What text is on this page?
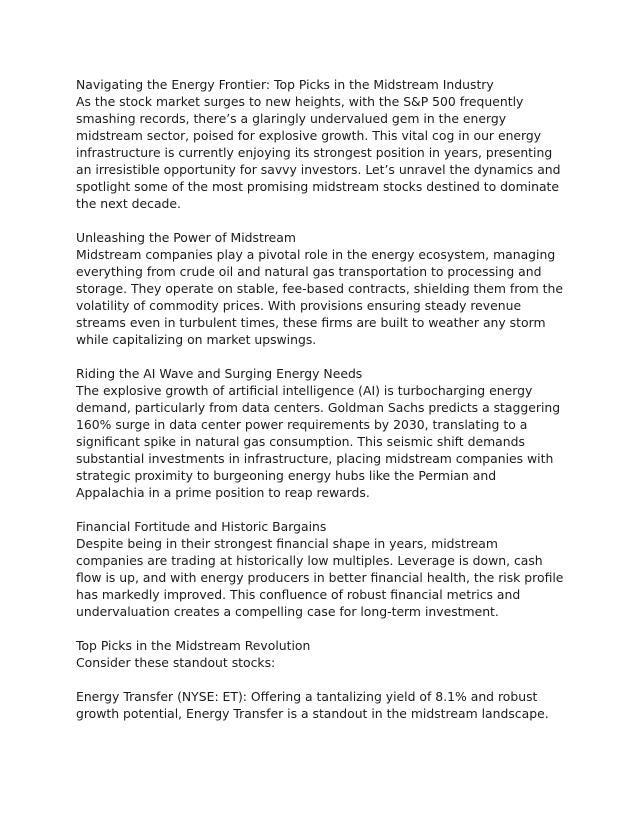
Navigating the Energy Frontier: Top Picks in the Midstream Industry

As the stock market surges to new heights, with the S&P 500 frequently smashing records, there’s a glaringly undervalued gem in the energy midstream sector, poised for explosive growth. This vital cog in our energy infrastructure is currently enjoying its strongest position in years, presenting an irresistible opportunity for savvy investors. Let’s unravel the dynamics and spotlight some of the most promising midstream stocks destined to dominate the next decade.

Unleashing the Power of Midstream

Midstream companies play a pivotal role in the energy ecosystem, managing everything from crude oil and natural gas transportation to processing and storage. They operate on stable, fee-based contracts, shielding them from the volatility of commodity prices. With provisions ensuring steady revenue streams even in turbulent times, these firms are built to weather any storm while capitalizing on market upswings.

Riding the AI Wave and Surging Energy Needs

The explosive growth of artificial intelligence (AI) is turbocharging energy demand, particularly from data centers. Goldman Sachs predicts a staggering 160% surge in data center power requirements by 2030, translating to a significant spike in natural gas consumption. This seismic shift demands substantial investments in infrastructure, placing midstream companies with strategic proximity to burgeoning energy hubs like the Permian and Appalachia in a prime position to reap rewards.

Financial Fortitude and Historic Bargains

Despite being in their strongest financial shape in years, midstream companies are trading at historically low multiples. Leverage is down, cash flow is up, and with energy producers in better financial health, the risk profile has markedly improved. This confluence of robust financial metrics and undervaluation creates a compelling case for long-term investment.

Top Picks in the Midstream Revolution

Consider these standout stocks:

Energy Transfer (NYSE: ET): Offering a tantalizing yield of 8.1% and robust growth potential, Energy Transfer is a standout in the midstream landscape.
